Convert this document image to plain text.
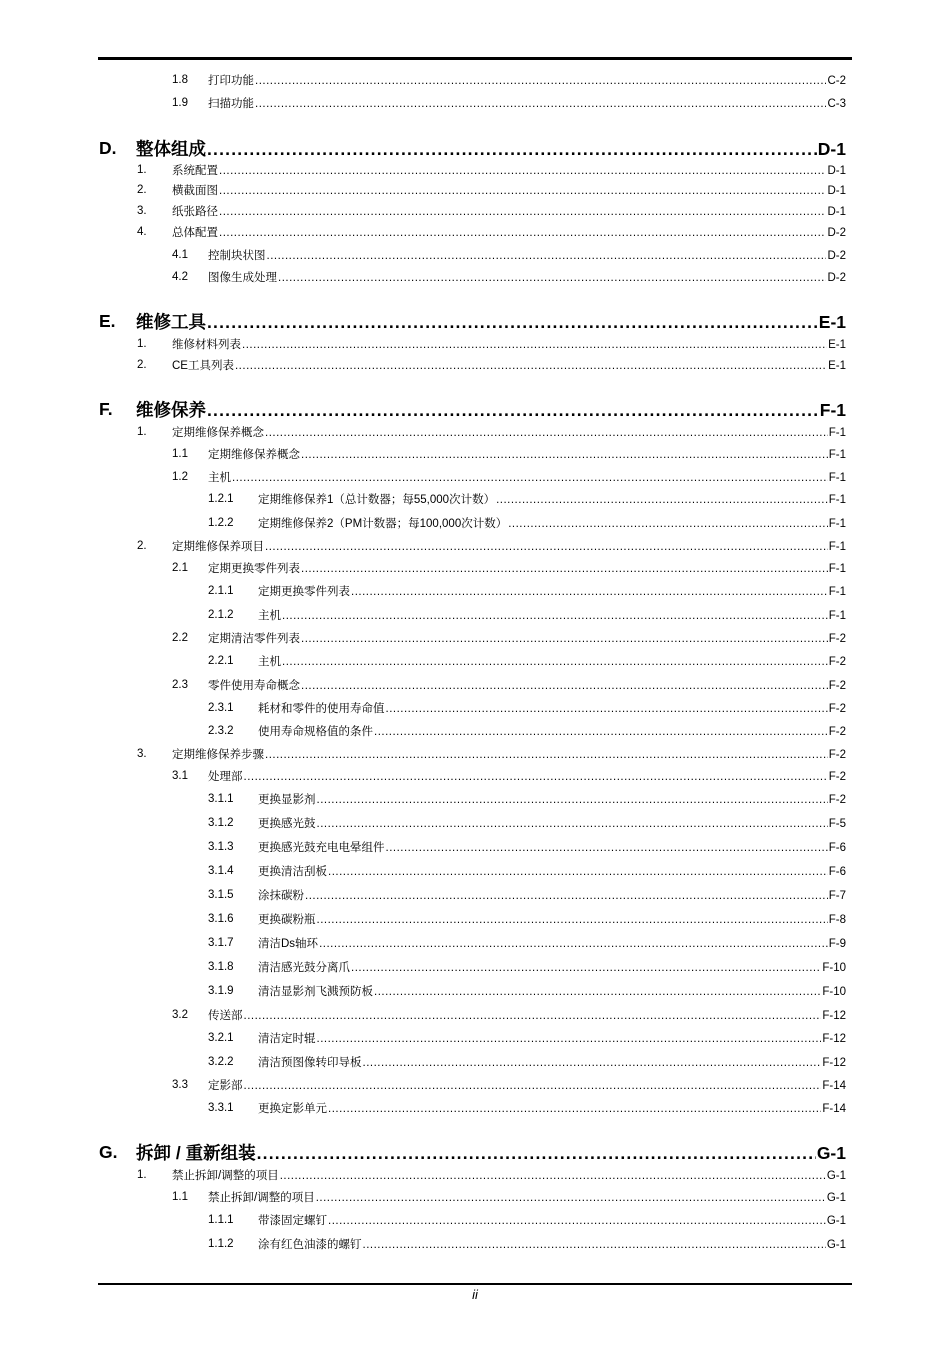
1.8 打印功能 .....	C-2
1.9 扫描功能 .....	C-3
D. 整体组成 .....	D-1
1. 系统配置 .....	D-1
2. 横截面图 .....	D-1
3. 纸张路径 .....	D-1
4. 总体配置 .....	D-2
4.1 控制块状图 .....	D-2
4.2 图像生成处理 .....	D-2
E. 维修工具 .....	E-1
1. 维修材料列表 .....	E-1
2. CE工具列表 .....	E-1
F. 维修保养 .....	F-1
1. 定期维修保养概念 .....	F-1
1.1 定期维修保养概念 .....	F-1
1.2 主机 .....	F-1
1.2.1 定期维修保养1（总计数器；每55,000次计数） .....	F-1
1.2.2 定期维修保养2（PM计数器；每100,000次计数） .....	F-1
2. 定期维修保养项目 .....	F-1
2.1 定期更换零件列表 .....	F-1
2.1.1 定期更换零件列表 .....	F-1
2.1.2 主机 .....	F-1
2.2 定期清洁零件列表 .....	F-2
2.2.1 主机 .....	F-2
2.3 零件使用寿命概念 .....	F-2
2.3.1 耗材和零件的使用寿命值 .....	F-2
2.3.2 使用寿命规格值的条件 .....	F-2
3. 定期维修保养步骤 .....	F-2
3.1 处理部 .....	F-2
3.1.1 更换显影剂 .....	F-2
3.1.2 更换感光鼓 .....	F-5
3.1.3 更换感光鼓充电电晕组件 .....	F-6
3.1.4 更换清洁刮板 .....	F-6
3.1.5 涂抹碳粉 .....	F-7
3.1.6 更换碳粉瓶 .....	F-8
3.1.7 清洁Ds轴环 .....	F-9
3.1.8 清洁感光鼓分离爪 .....	F-10
3.1.9 清洁显影剂飞溅预防板 .....	F-10
3.2 传送部 .....	F-12
3.2.1 清洁定时辊 .....	F-12
3.2.2 清洁预图像转印导板 .....	F-12
3.3 定影部 .....	F-14
3.3.1 更换定影单元 .....	F-14
G. 拆卸 / 重新组装 .....	G-1
1. 禁止拆卸/调整的项目 .....	G-1
1.1 禁止拆卸/调整的项目 .....	G-1
1.1.1 带漆固定螺钉 .....	G-1
1.1.2 涂有红色油漆的螺钉 .....	G-1
ii
